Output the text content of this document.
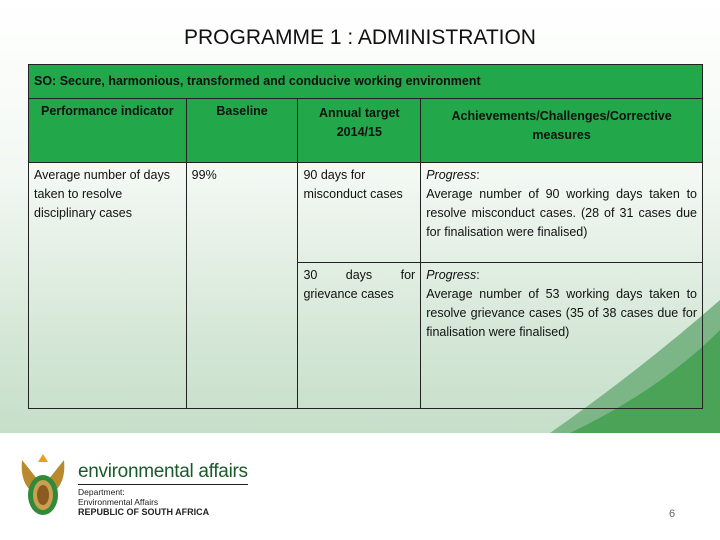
PROGRAMME 1 : ADMINISTRATION
SO: Secure, harmonious, transformed and conducive working environment			
Performance indicator	Baseline	Annual target 2014/15	Achievements/Challenges/Corrective measures
Average number of days taken to resolve disciplinary cases	99%	90 days for misconduct cases	Progress:
Average number of 90 working days taken to resolve misconduct cases. (28 of 31 cases due for finalisation were finalised)
		30 days for grievance cases	Progress:
Average number of 53 working days taken to resolve grievance cases (35 of 38 cases due for finalisation were finalised)
environmental affairs
Department:
Environmental Affairs
REPUBLIC OF SOUTH AFRICA	6
